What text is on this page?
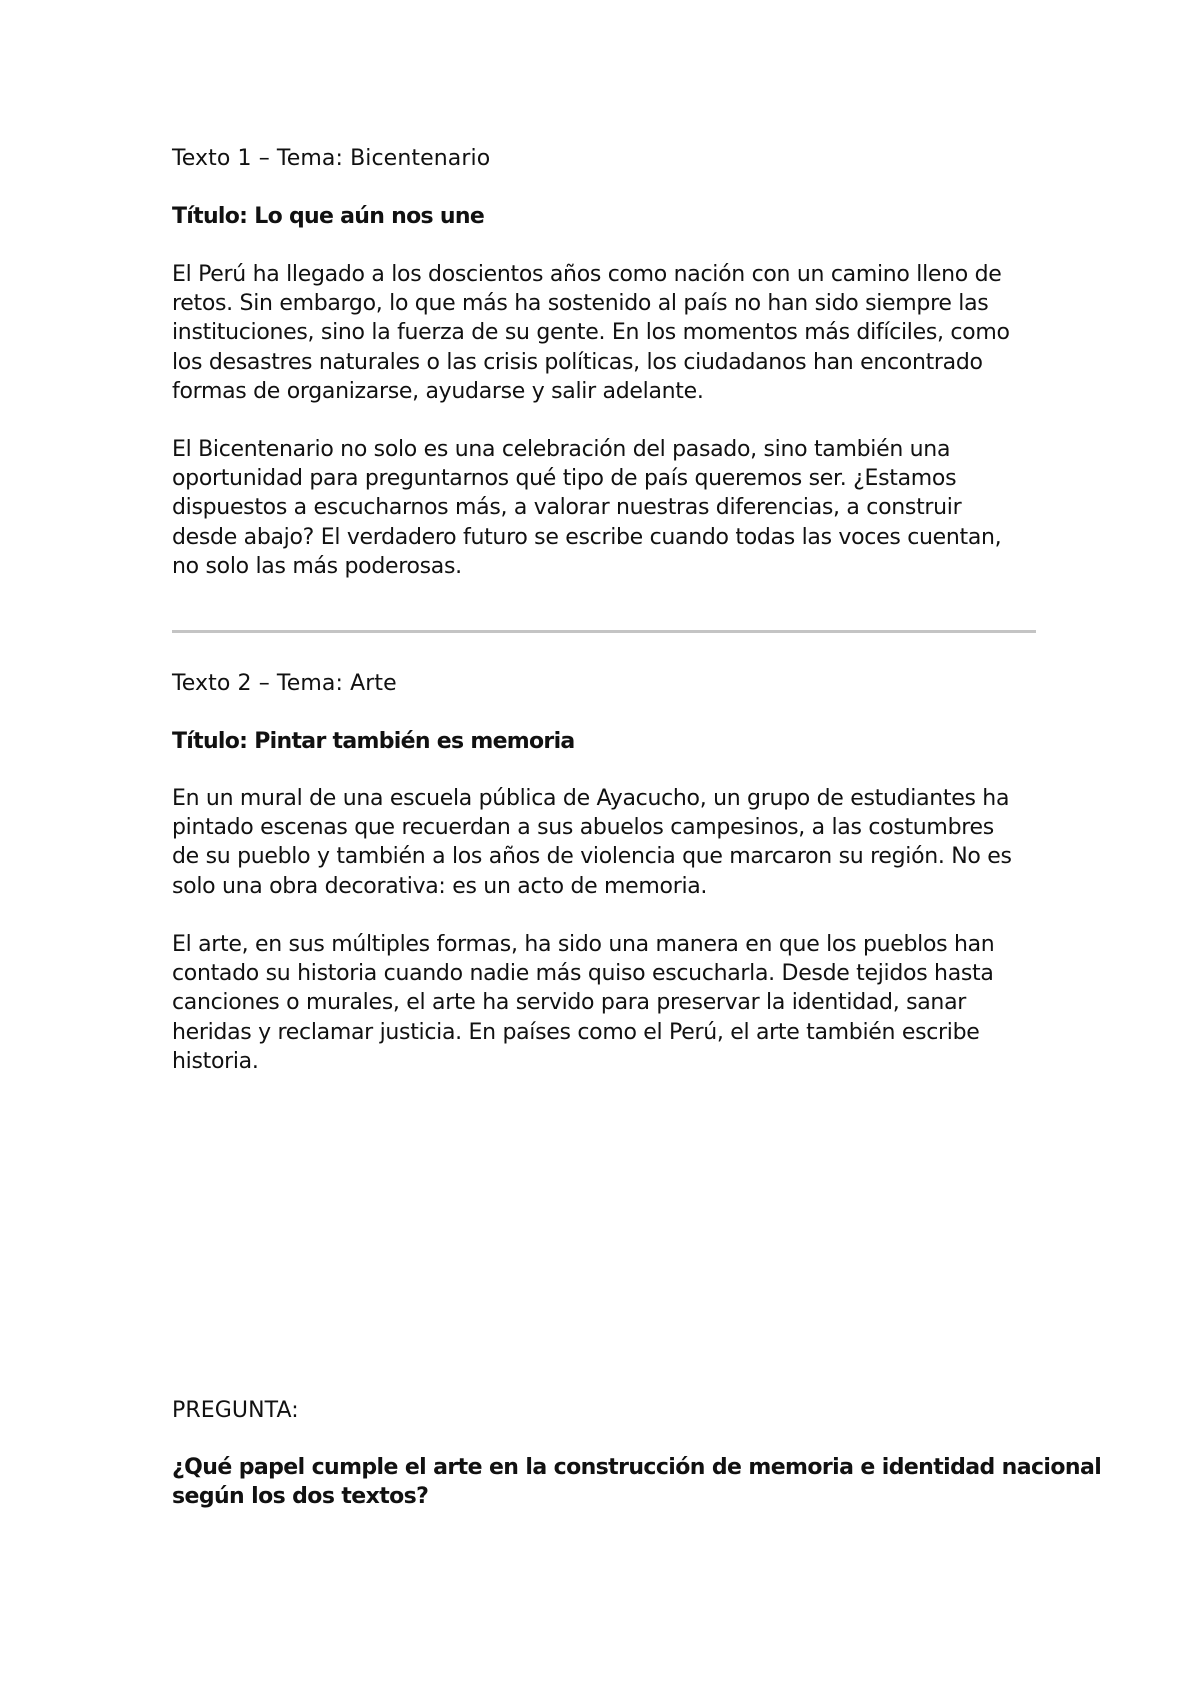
Texto 1 – Tema: Bicentenario
Título: Lo que aún nos une
El Perú ha llegado a los doscientos años como nación con un camino lleno de
retos. Sin embargo, lo que más ha sostenido al país no han sido siempre las
instituciones, sino la fuerza de su gente. En los momentos más difíciles, como
los desastres naturales o las crisis políticas, los ciudadanos han encontrado
formas de organizarse, ayudarse y salir adelante.
El Bicentenario no solo es una celebración del pasado, sino también una
oportunidad para preguntarnos qué tipo de país queremos ser. ¿Estamos
dispuestos a escucharnos más, a valorar nuestras diferencias, a construir
desde abajo? El verdadero futuro se escribe cuando todas las voces cuentan,
no solo las más poderosas.
Texto 2 – Tema: Arte
Título: Pintar también es memoria
En un mural de una escuela pública de Ayacucho, un grupo de estudiantes ha
pintado escenas que recuerdan a sus abuelos campesinos, a las costumbres
de su pueblo y también a los años de violencia que marcaron su región. No es
solo una obra decorativa: es un acto de memoria.
El arte, en sus múltiples formas, ha sido una manera en que los pueblos han
contado su historia cuando nadie más quiso escucharla. Desde tejidos hasta
canciones o murales, el arte ha servido para preservar la identidad, sanar
heridas y reclamar justicia. En países como el Perú, el arte también escribe
historia.
PREGUNTA:
¿Qué papel cumple el arte en la construcción de memoria e identidad nacional
según los dos textos?
